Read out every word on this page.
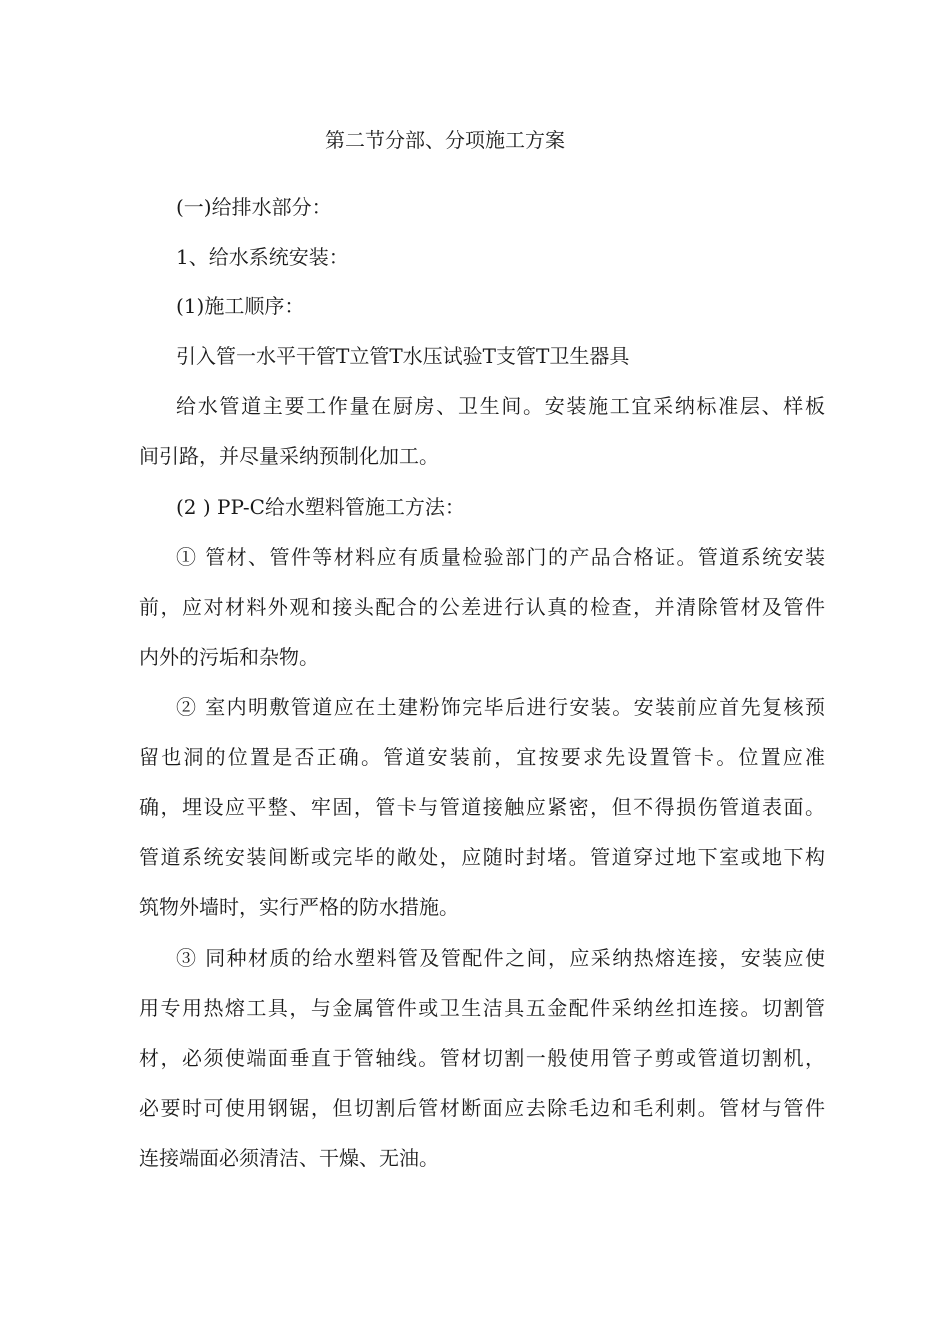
第二节分部、分项施工方案
(一)给排水部分：
1、给水系统安装：
(1)施工顺序：
引入管一水平干管T立管T水压试验T支管T卫生器具
给水管道主要工作量在厨房、卫生间。安装施工宜采纳标准层、样板
间引路，并尽量采纳预制化加工。
(2 ) PP-C给水塑料管施工方法：
① 管材、管件等材料应有质量检验部门的产品合格证。管道系统安装
前，应对材料外观和接头配合的公差进行认真的检查，并清除管材及管件
内外的污垢和杂物。
② 室内明敷管道应在土建粉饰完毕后进行安装。安装前应首先复核预
留也洞的位置是否正确。管道安装前，宜按要求先设置管卡。位置应准
确，埋设应平整、牢固，管卡与管道接触应紧密，但不得损伤管道表面。
管道系统安装间断或完毕的敞处，应随时封堵。管道穿过地下室或地下构
筑物外墙时，实行严格的防水措施。
③ 同种材质的给水塑料管及管配件之间，应采纳热熔连接，安装应使
用专用热熔工具，与金属管件或卫生洁具五金配件采纳丝扣连接。切割管
材，必须使端面垂直于管轴线。管材切割一般使用管子剪或管道切割机，
必要时可使用钢锯，但切割后管材断面应去除毛边和毛利刺。管材与管件
连接端面必须清洁、干燥、无油。
